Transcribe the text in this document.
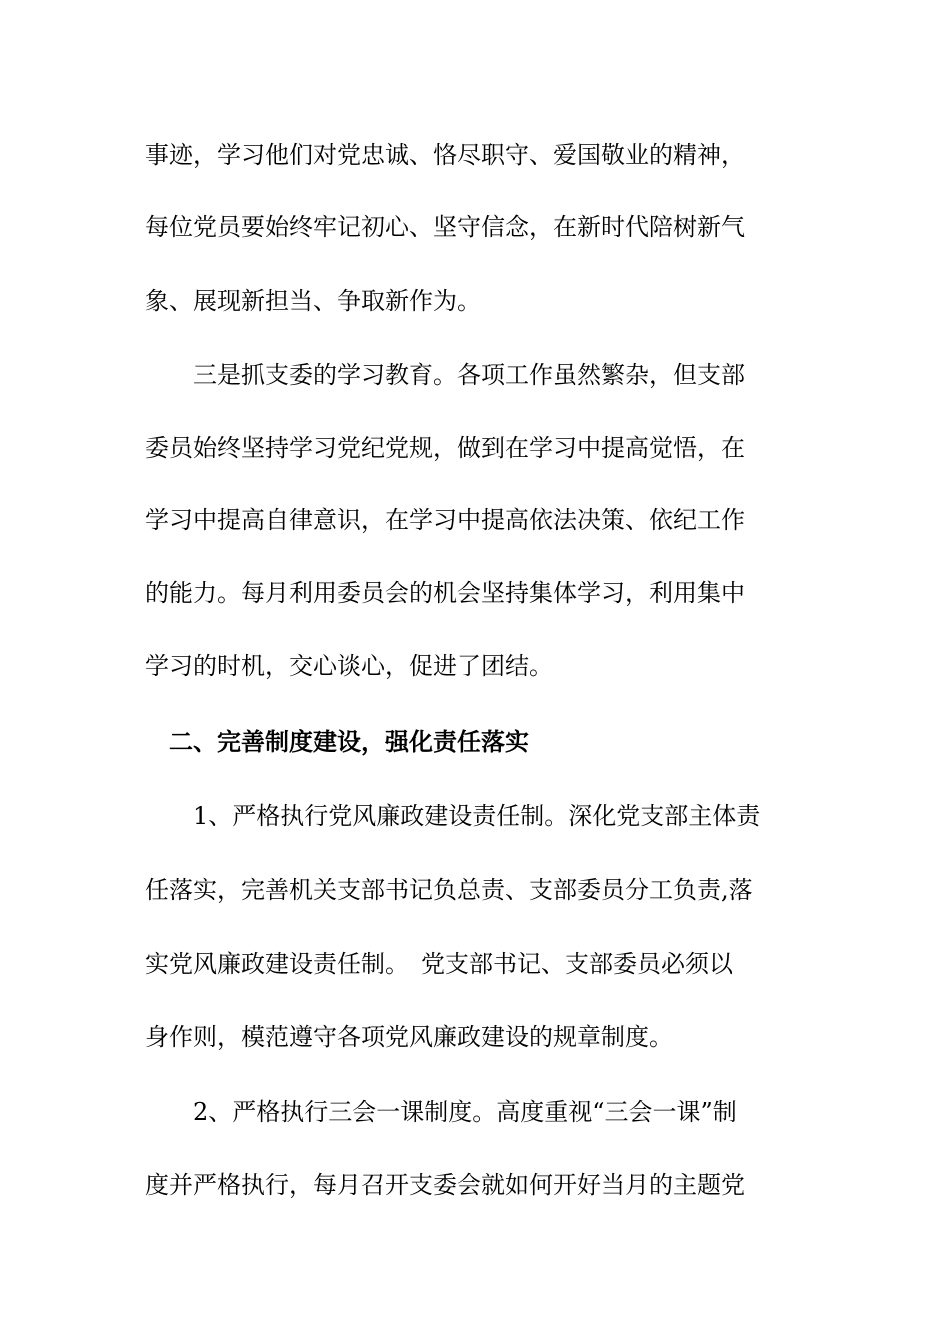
事迹，学习他们对党忠诚、恪尽职守、爱国敬业的精神，
每位党员要始终牢记初心、坚守信念，在新时代陪树新气
象、展现新担当、争取新作为。
　　三是抓支委的学习教育。各项工作虽然繁杂，但支部
委员始终坚持学习党纪党规，做到在学习中提高觉悟，在
学习中提高自律意识，在学习中提高依法决策、依纪工作
的能力。每月利用委员会的机会坚持集体学习，利用集中
学习的时机，交心谈心，促进了团结。
　二、完善制度建设，强化责任落实
　　1、严格执行党风廉政建设责任制。深化党支部主体责
任落实，完善机关支部书记负总责、支部委员分工负责,落
实党风廉政建设责任制。　党支部书记、支部委员必须以
身作则，模范遵守各项党风廉政建设的规章制度。
　　2、严格执行三会一课制度。高度重视“三会一课”制
度并严格执行，每月召开支委会就如何开好当月的主题党
